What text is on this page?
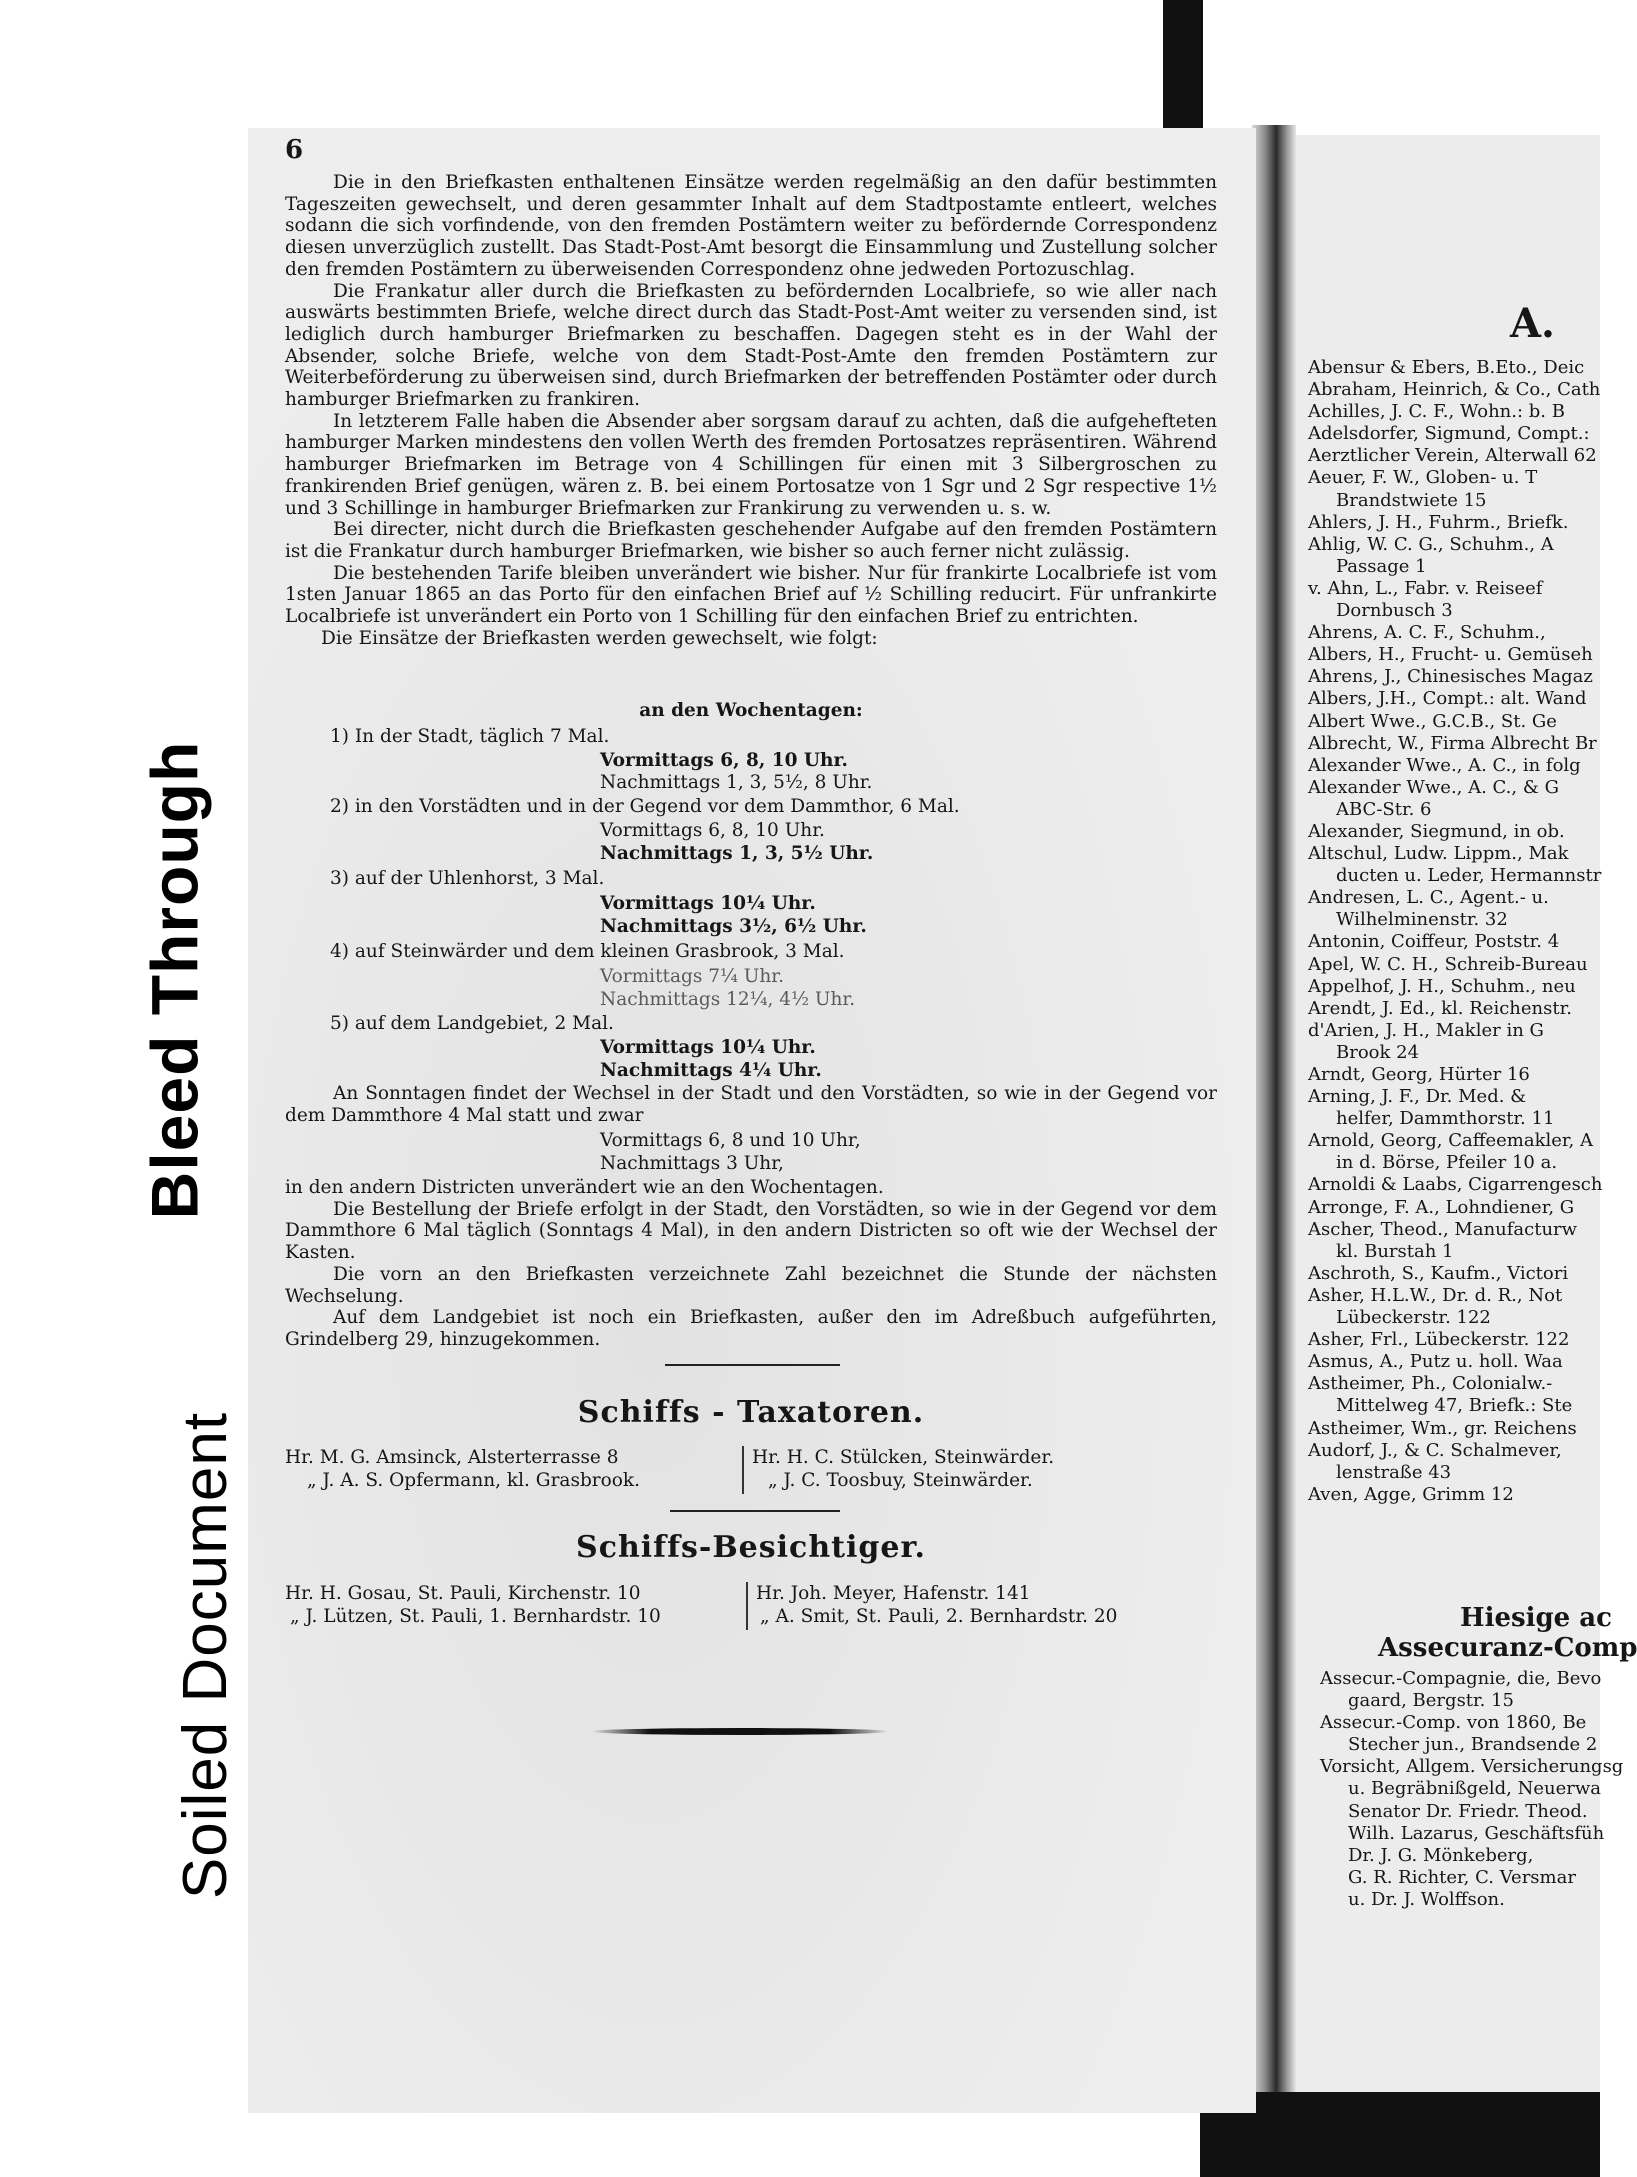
Bleed Through
Soiled Document
6

Die in den Briefkasten enthaltenen Einsätze werden regelmäßig an den dafür bestimmten Tageszeiten gewechselt, und deren gesammter Inhalt auf dem Stadtpostamte entleert, welches sodann die sich vorfindende, von den fremden Postämtern weiter zu befördernde Correspondenz diesen unverzüglich zustellt. Das Stadt-Post-Amt besorgt die Einsammlung und Zustellung solcher den fremden Postämtern zu überweisenden Correspondenz ohne jedweden Portozuschlag.

Die Frankatur aller durch die Briefkasten zu befördernden Localbriefe, so wie aller nach auswärts bestimmten Briefe, welche direct durch das Stadt-Post-Amt weiter zu versenden sind, ist lediglich durch hamburger Briefmarken zu beschaffen. Dagegen steht es in der Wahl der Absender, solche Briefe, welche von dem Stadt-Post-Amte den fremden Postämtern zur Weiterbeförderung zu überweisen sind, durch Briefmarken der betreffenden Postämter oder durch hamburger Briefmarken zu frankiren.

In letzterem Falle haben die Absender aber sorgsam darauf zu achten, daß die aufgehefteten hamburger Marken mindestens den vollen Werth des fremden Portosatzes repräsentiren. Während hamburger Briefmarken im Betrage von 4 Schillingen für einen mit 3 Silbergroschen zu frankirenden Brief genügen, wären z. B. bei einem Portosatze von 1 Sgr und 2 Sgr respective 1½ und 3 Schillinge in hamburger Briefmarken zur Frankirung zu verwenden u. s. w.

Bei directer, nicht durch die Briefkasten geschehender Aufgabe auf den fremden Postämtern ist die Frankatur durch hamburger Briefmarken, wie bisher so auch ferner nicht zulässig.

Die bestehenden Tarife bleiben unverändert wie bisher. Nur für frankirte Localbriefe ist vom 1sten Januar 1865 an das Porto für den einfachen Brief auf ½ Schilling reducirt. Für unfrankirte Localbriefe ist unverändert ein Porto von 1 Schilling für den einfachen Brief zu entrichten.

Die Einsätze der Briefkasten werden gewechselt, wie folgt:

an den Wochentagen:
1) In der Stadt, täglich 7 Mal.
Vormittags 6, 8, 10 Uhr.
Nachmittags 1, 3, 5½, 8 Uhr.
2) in den Vorstädten und in der Gegend vor dem Dammthor, 6 Mal.
Vormittags 6, 8, 10 Uhr.
Nachmittags 1, 3, 5½ Uhr.
3) auf der Uhlenhorst, 3 Mal.
Vormittags 10¼ Uhr.
Nachmittags 3½, 6½ Uhr.
4) auf Steinwärder und dem kleinen Grasbrook, 3 Mal.
Vormittags 7¼ Uhr.
Nachmittags 12¼, 4½ Uhr.
5) auf dem Landgebiet, 2 Mal.
Vormittags 10¼ Uhr.
Nachmittags 4¼ Uhr.

An Sonntagen findet der Wechsel in der Stadt und den Vorstädten, so wie in der Gegend vor dem Dammthore 4 Mal statt und zwar

Vormittags 6, 8 und 10 Uhr,
Nachmittags 3 Uhr,

in den andern Districten unverändert wie an den Wochentagen.

Die Bestellung der Briefe erfolgt in der Stadt, den Vorstädten, so wie in der Gegend vor dem Dammthore 6 Mal täglich (Sonntags 4 Mal), in den andern Districten so oft wie der Wechsel der Kasten.

Die vorn an den Briefkasten verzeichnete Zahl bezeichnet die Stunde der nächsten Wechselung.

Auf dem Landgebiet ist noch ein Briefkasten, außer den im Adreßbuch aufgeführten, Grindelberg 29, hinzugekommen.

Schiffs - Taxatoren.
Hr. M. G. Amsinck, Alsterterrasse 8
„ J. A. S. Opfermann, kl. Grasbrook.
Hr. H. C. Stülcken, Steinwärder.
„ J. C. Toosbuy, Steinwärder.
Schiffs-Besichtiger.
Hr. H. Gosau, St. Pauli, Kirchenstr. 10
„ J. Lützen, St. Pauli, 1. Bernhardstr. 10
Hr. Joh. Meyer, Hafenstr. 141
„ A. Smit, St. Pauli, 2. Bernhardstr. 20
A.
Abensur & Ebers, B.Eto., Deic
Abraham, Heinrich, & Co., Cath
Achilles, J. C. F., Wohn.: b. B
Adelsdorfer, Sigmund, Compt.:
Aerztlicher Verein, Alterwall 62
Aeuer, F. W., Globen- u. T
Brandstwiete 15
Ahlers, J. H., Fuhrm., Briefk.
Ahlig, W. C. G., Schuhm., A
Passage 1
v. Ahn, L., Fabr. v. Reiseef
Dornbusch 3
Ahrens, A. C. F., Schuhm.,
Albers, H., Frucht- u. Gemüseh
Ahrens, J., Chinesisches Magaz
Albers, J.H., Compt.: alt. Wand
Albert Wwe., G.C.B., St. Ge
Albrecht, W., Firma Albrecht Br
Alexander Wwe., A. C., in folg
Alexander Wwe., A. C., & G
ABC-Str. 6
Alexander, Siegmund, in ob.
Altschul, Ludw. Lippm., Mak
ducten u. Leder, Hermannstr
Andresen, L. C., Agent.- u.
Wilhelminenstr. 32
Antonin, Coiffeur, Poststr. 4
Apel, W. C. H., Schreib-Bureau
Appelhof, J. H., Schuhm., neu
Arendt, J. Ed., kl. Reichenstr.
d'Arien, J. H., Makler in G
Brook 24
Arndt, Georg, Hürter 16
Arning, J. F., Dr. Med. &
helfer, Dammthorstr. 11
Arnold, Georg, Caffeemakler, A
in d. Börse, Pfeiler 10 a.
Arnoldi & Laabs, Cigarrengesch
Arronge, F. A., Lohndiener, G
Ascher, Theod., Manufacturw
kl. Burstah 1
Aschroth, S., Kaufm., Victori
Asher, H.L.W., Dr. d. R., Not
Lübeckerstr. 122
Asher, Frl., Lübeckerstr. 122
Asmus, A., Putz u. holl. Waa
Astheimer, Ph., Colonialw.-
Mittelweg 47, Briefk.: Ste
Astheimer, Wm., gr. Reichens
Audorf, J., & C. Schalmever,
lenstraße 43
Aven, Agge, Grimm 12
Hiesige ac
Assecuranz-Comp
Assecur.-Compagnie, die, Bevo
gaard, Bergstr. 15
Assecur.-Comp. von 1860, Be
Stecher jun., Brandsende 2
Vorsicht, Allgem. Versicherungsg
u. Begräbnißgeld, Neuerwa
Senator Dr. Friedr. Theod.
Wilh. Lazarus, Geschäftsfüh
Dr. J. G. Mönkeberg,
G. R. Richter, C. Versmar
u. Dr. J. Wolffson.
